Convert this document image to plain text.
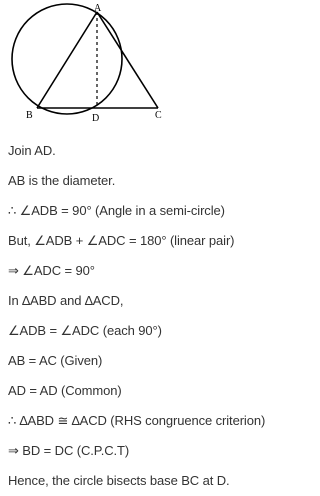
A
B	D	C
Join AD.
AB is the diameter.
∴ ∠ADB = 90° (Angle in a semi-circle)
But, ∠ADB + ∠ADC = 180° (linear pair)
⇒ ∠ADC = 90°
In ∆ABD and ∆ACD,
∠ADB = ∠ADC (each 90°)
AB = AC (Given)
AD = AD (Common)
∴ ∆ABD ≅ ∆ACD (RHS congruence criterion)
⇒ BD = DC (C.P.C.T)
Hence, the circle bisects base BC at D.
